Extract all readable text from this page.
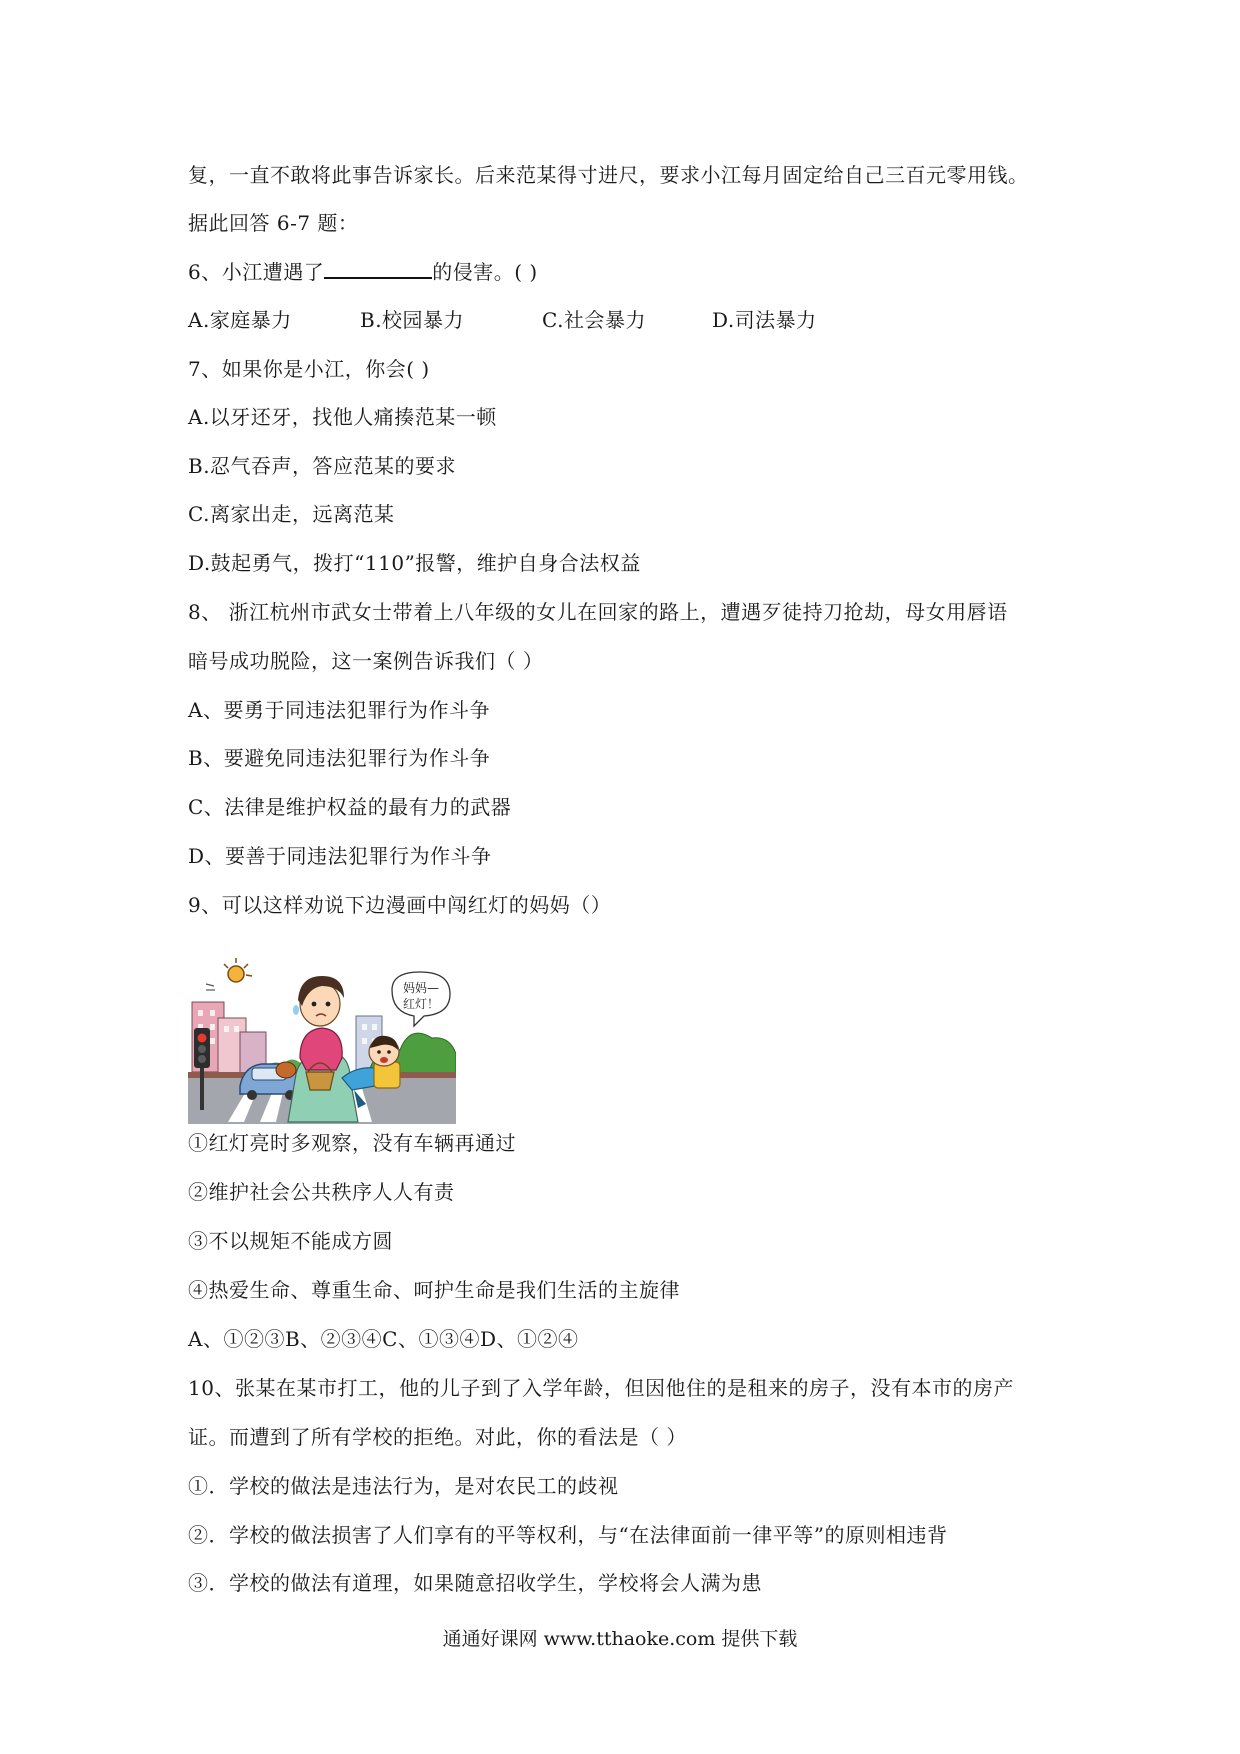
复，一直不敢将此事告诉家长。后来范某得寸进尺，要求小江每月固定给自己三百元零用钱。
据此回答 6-7 题：
6、小江遭遇了	的侵害。( )
A.家庭暴力	B.校园暴力	C.社会暴力	D.司法暴力
7、如果你是小江，你会( )
A.以牙还牙，找他人痛揍范某一顿
B.忍气吞声，答应范某的要求
C.离家出走，远离范某
D.鼓起勇气，拨打“110”报警，维护自身合法权益
8、 浙江杭州市武女士带着上八年级的女儿在回家的路上，遭遇歹徒持刀抢劫，母女用唇语
暗号成功脱险，这一案例告诉我们（ ）
A、要勇于同违法犯罪行为作斗争
B、要避免同违法犯罪行为作斗争
C、法律是维护权益的最有力的武器
D、要善于同违法犯罪行为作斗争
9、可以这样劝说下边漫画中闯红灯的妈妈（）
妈妈—
红灯！
①红灯亮时多观察，没有车辆再通过
②维护社会公共秩序人人有责
③不以规矩不能成方圆
④热爱生命、尊重生命、呵护生命是我们生活的主旋律
A、①②③B、②③④C、①③④D、①②④
10、张某在某市打工，他的儿子到了入学年龄，但因他住的是租来的房子，没有本市的房产
证。而遭到了所有学校的拒绝。对此，你的看法是（ ）
①．学校的做法是违法行为，是对农民工的歧视
②．学校的做法损害了人们享有的平等权利，与“在法律面前一律平等”的原则相违背
③．学校的做法有道理，如果随意招收学生，学校将会人满为患
通通好课网 www.tthaoke.com 提供下载
